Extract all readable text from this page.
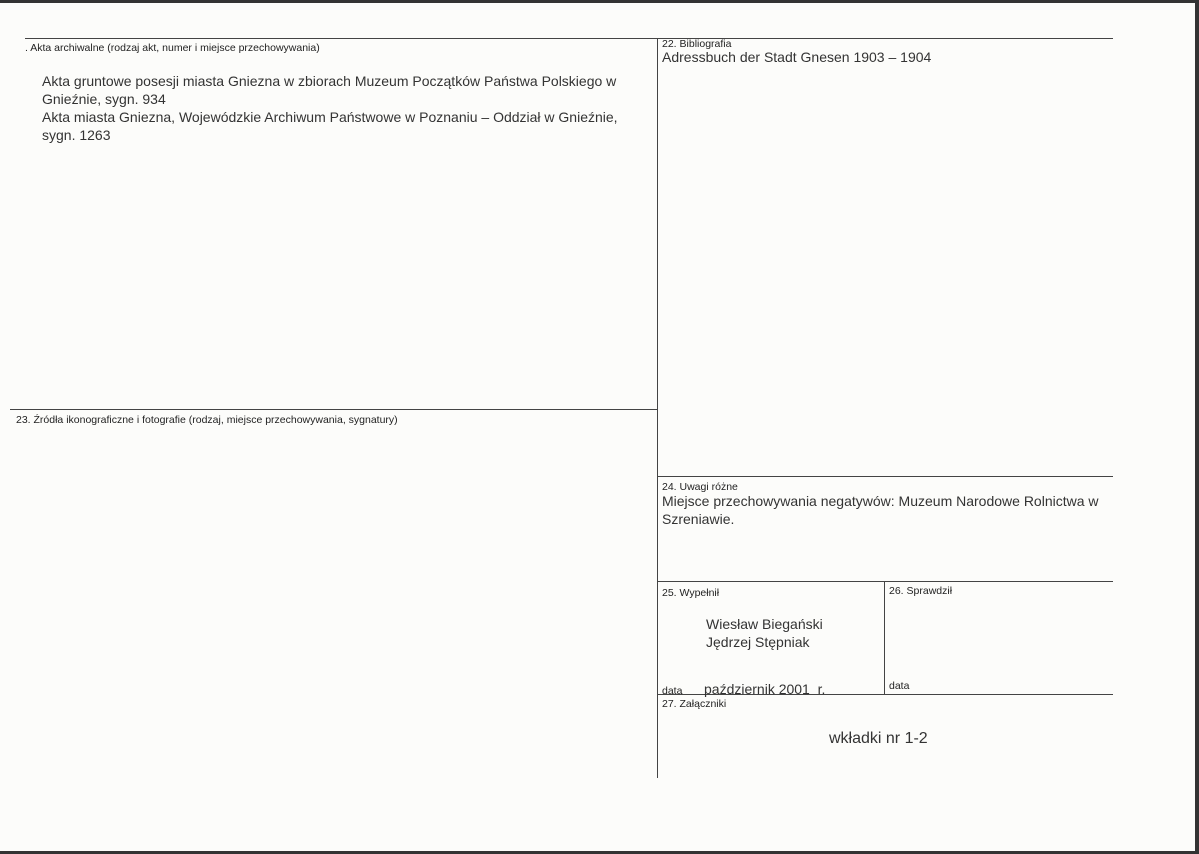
. Akta archiwalne (rodzaj akt, numer i miejsce przechowywania)
Akta gruntowe posesji miasta Gniezna w zbiorach Muzeum Początków Państwa Polskiego w
Gnieźnie, sygn. 934
Akta miasta Gniezna, Wojewódzkie Archiwum Państwowe w Poznaniu – Oddział w Gnieźnie,
sygn. 1263
22. Bibliografia
Adressbuch der Stadt Gnesen 1903 – 1904
23. Źródła ikonograficzne i fotografie (rodzaj, miejsce przechowywania, sygnatury)
24. Uwagi różne
Miejsce przechowywania negatywów: Muzeum Narodowe Rolnictwa w
Szreniawie.
25. Wypełnił
Wiesław Biegański
Jędrzej Stępniak
data październik 2001  r.
26. Sprawdził
data
27. Załączniki
wkładki nr 1-2
